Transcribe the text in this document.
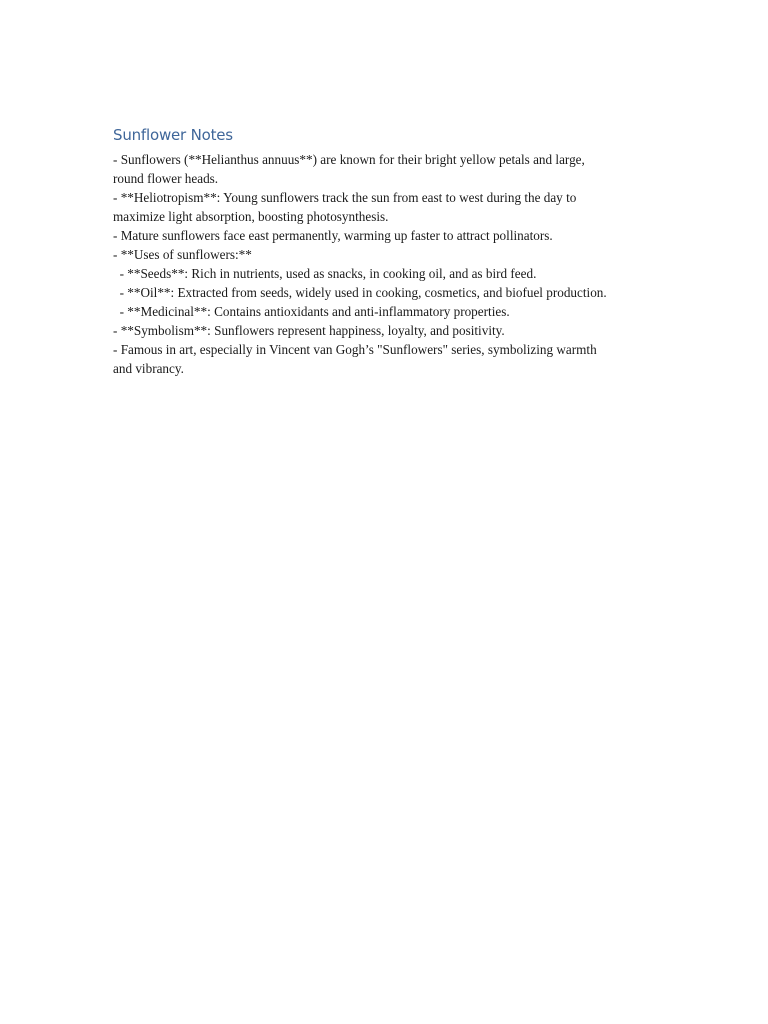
Sunflower Notes

- Sunflowers (**Helianthus annuus**) are known for their bright yellow petals and large,

round flower heads.

- **Heliotropism**: Young sunflowers track the sun from east to west during the day to

maximize light absorption, boosting photosynthesis.

- Mature sunflowers face east permanently, warming up faster to attract pollinators.

- **Uses of sunflowers:**

- **Seeds**: Rich in nutrients, used as snacks, in cooking oil, and as bird feed.

- **Oil**: Extracted from seeds, widely used in cooking, cosmetics, and biofuel production.

- **Medicinal**: Contains antioxidants and anti-inflammatory properties.

- **Symbolism**: Sunflowers represent happiness, loyalty, and positivity.

- Famous in art, especially in Vincent van Gogh’s "Sunflowers" series, symbolizing warmth

and vibrancy.
